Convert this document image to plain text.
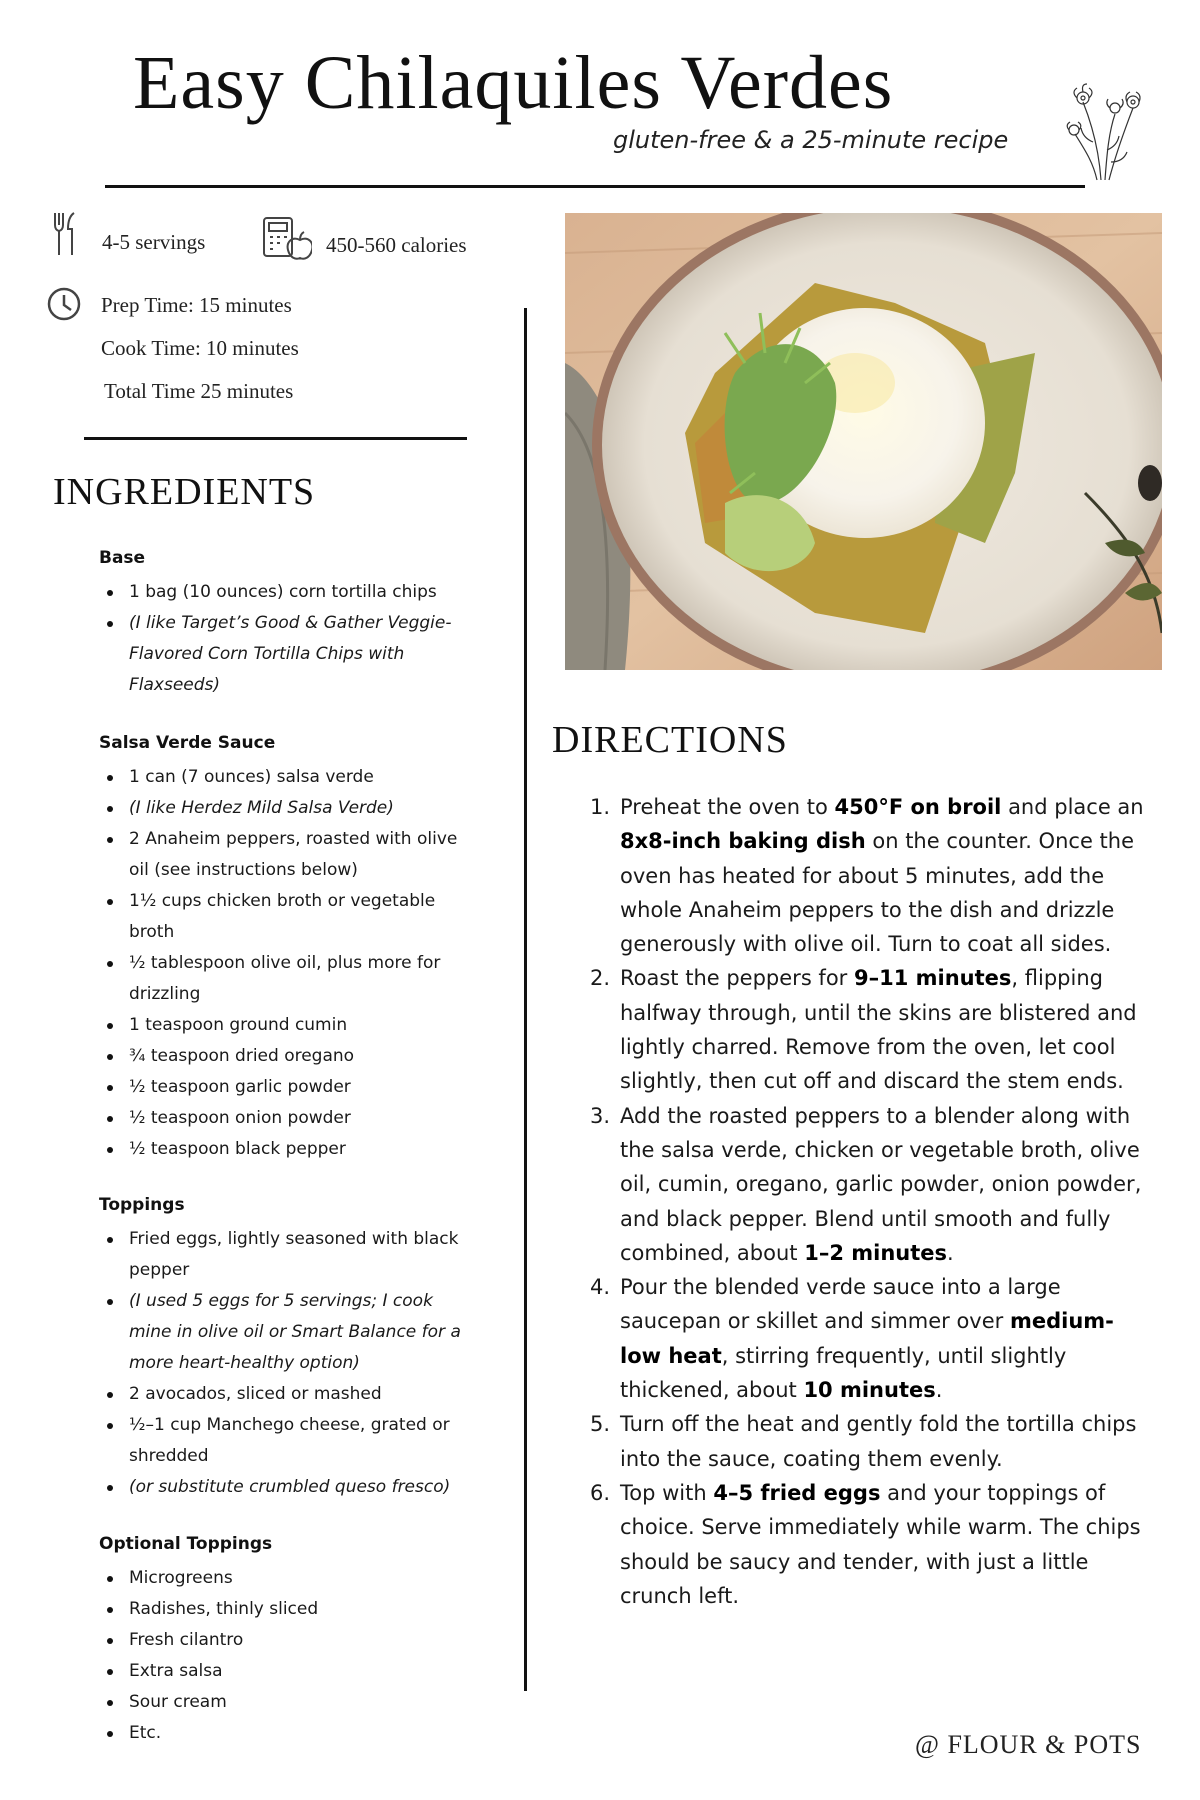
Easy Chilaquiles Verdes
gluten-free & a 25-minute recipe
4-5 servings	450-560 calories
Prep Time: 15 minutes
Cook Time: 10 minutes
Total Time 25 minutes
INGREDIENTS
Base
1 bag (10 ounces) corn tortilla chips
(I like Target’s Good & Gather Veggie-Flavored Corn Tortilla Chips with Flaxseeds)
Salsa Verde Sauce
1 can (7 ounces) salsa verde
(I like Herdez Mild Salsa Verde)
2 Anaheim peppers, roasted with olive oil (see instructions below)
1½ cups chicken broth or vegetable broth
½ tablespoon olive oil, plus more for drizzling
1 teaspoon ground cumin
¾ teaspoon dried oregano
½ teaspoon garlic powder
½ teaspoon onion powder
½ teaspoon black pepper
Toppings
Fried eggs, lightly seasoned with black pepper
(I used 5 eggs for 5 servings; I cook mine in olive oil or Smart Balance for a more heart-healthy option)
2 avocados, sliced or mashed
½–1 cup Manchego cheese, grated or shredded
(or substitute crumbled queso fresco)
Optional Toppings
Microgreens
Radishes, thinly sliced
Fresh cilantro
Extra salsa
Sour cream
Etc.
DIRECTIONS
1. Preheat the oven to 450°F on broil and place an 8x8-inch baking dish on the counter. Once the oven has heated for about 5 minutes, add the whole Anaheim peppers to the dish and drizzle generously with olive oil. Turn to coat all sides.
2. Roast the peppers for 9–11 minutes, flipping halfway through, until the skins are blistered and lightly charred. Remove from the oven, let cool slightly, then cut off and discard the stem ends.
3. Add the roasted peppers to a blender along with the salsa verde, chicken or vegetable broth, olive oil, cumin, oregano, garlic powder, onion powder, and black pepper. Blend until smooth and fully combined, about 1–2 minutes.
4. Pour the blended verde sauce into a large saucepan or skillet and simmer over medium-low heat, stirring frequently, until slightly thickened, about 10 minutes.
5. Turn off the heat and gently fold the tortilla chips into the sauce, coating them evenly.
6. Top with 4–5 fried eggs and your toppings of choice. Serve immediately while warm. The chips should be saucy and tender, with just a little crunch left.
@ FLOUR & POTS
